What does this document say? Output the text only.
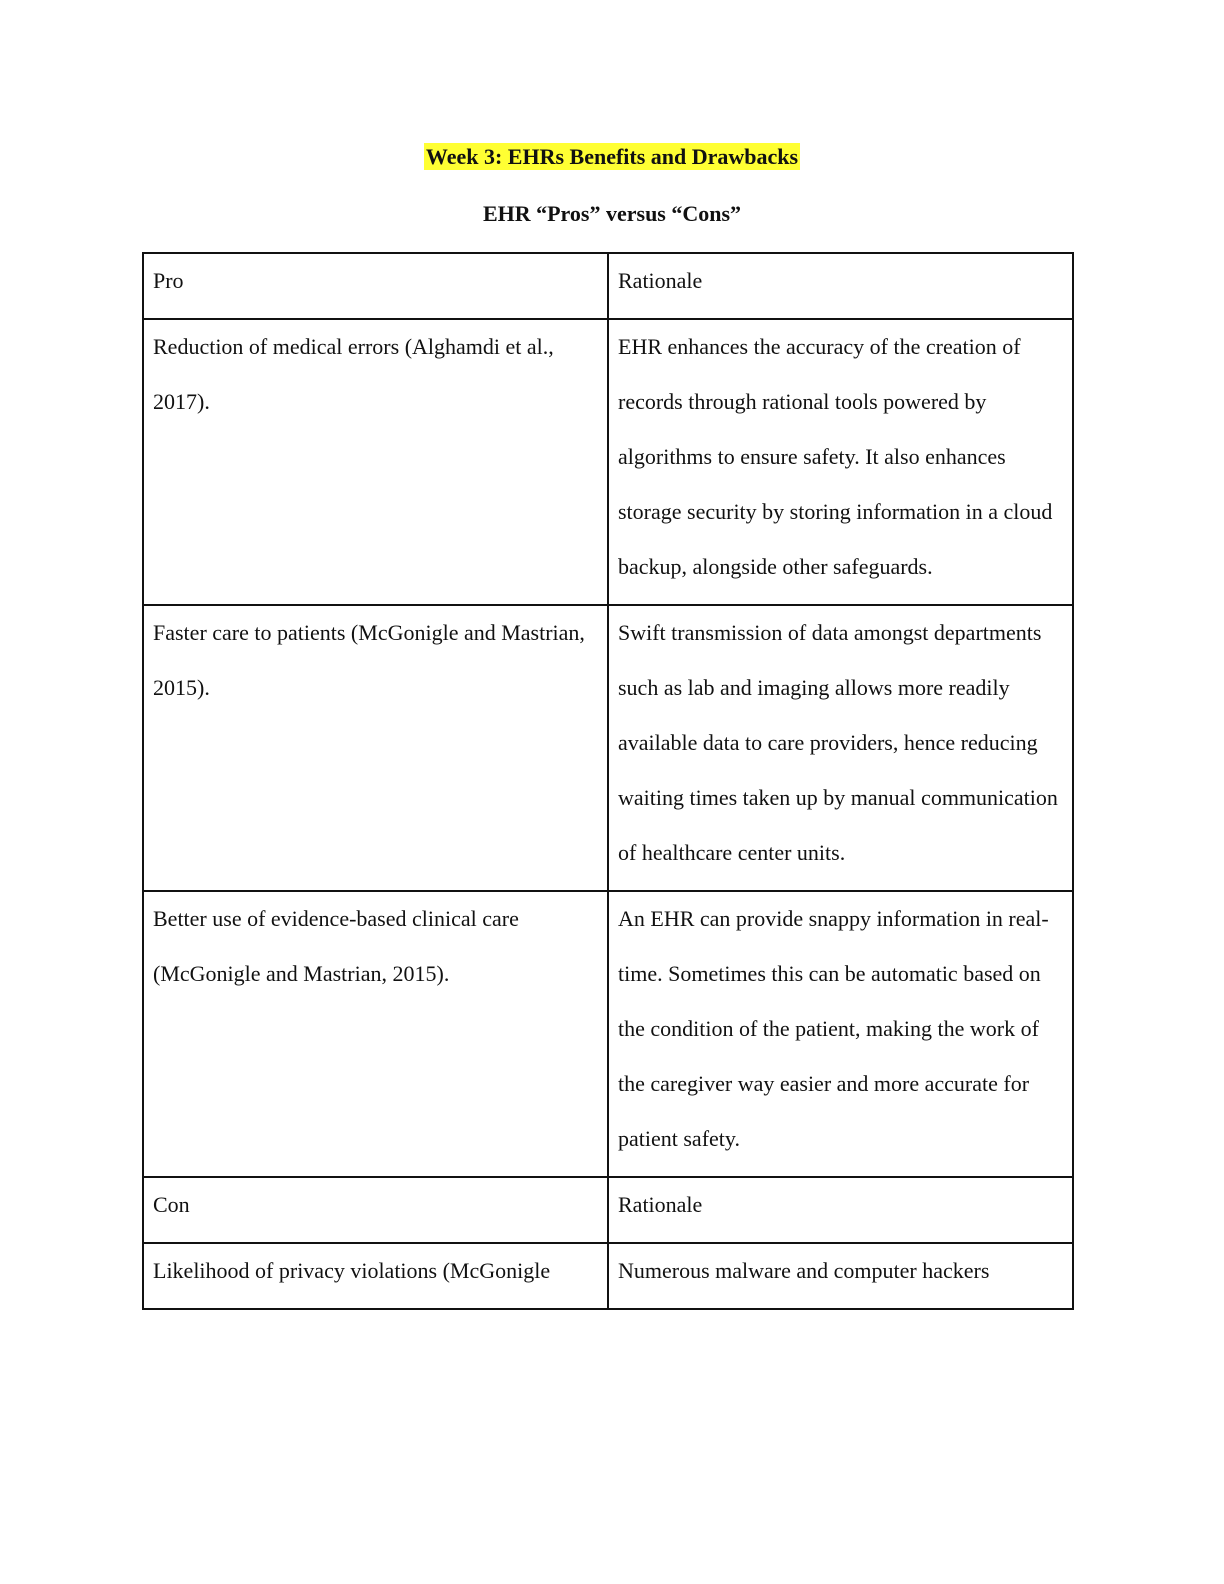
Week 3: EHRs Benefits and Drawbacks
EHR “Pros” versus “Cons”
Pro	Rationale

Reduction of medical errors (Alghamdi et al., 2017).	EHR enhances the accuracy of the creation of records through rational tools powered by algorithms to ensure safety. It also enhances storage security by storing information in a cloud backup, alongside other safeguards.

Faster care to patients (McGonigle and Mastrian, 2015).	Swift transmission of data amongst departments such as lab and imaging allows more readily available data to care providers, hence reducing waiting times taken up by manual communication of healthcare center units.

Better use of evidence-based clinical care (McGonigle and Mastrian, 2015).	An EHR can provide snappy information in real-time. Sometimes this can be automatic based on the condition of the patient, making the work of the caregiver way easier and more accurate for patient safety.

Con	Rationale

Likelihood of privacy violations (McGonigle	Numerous malware and computer hackers
